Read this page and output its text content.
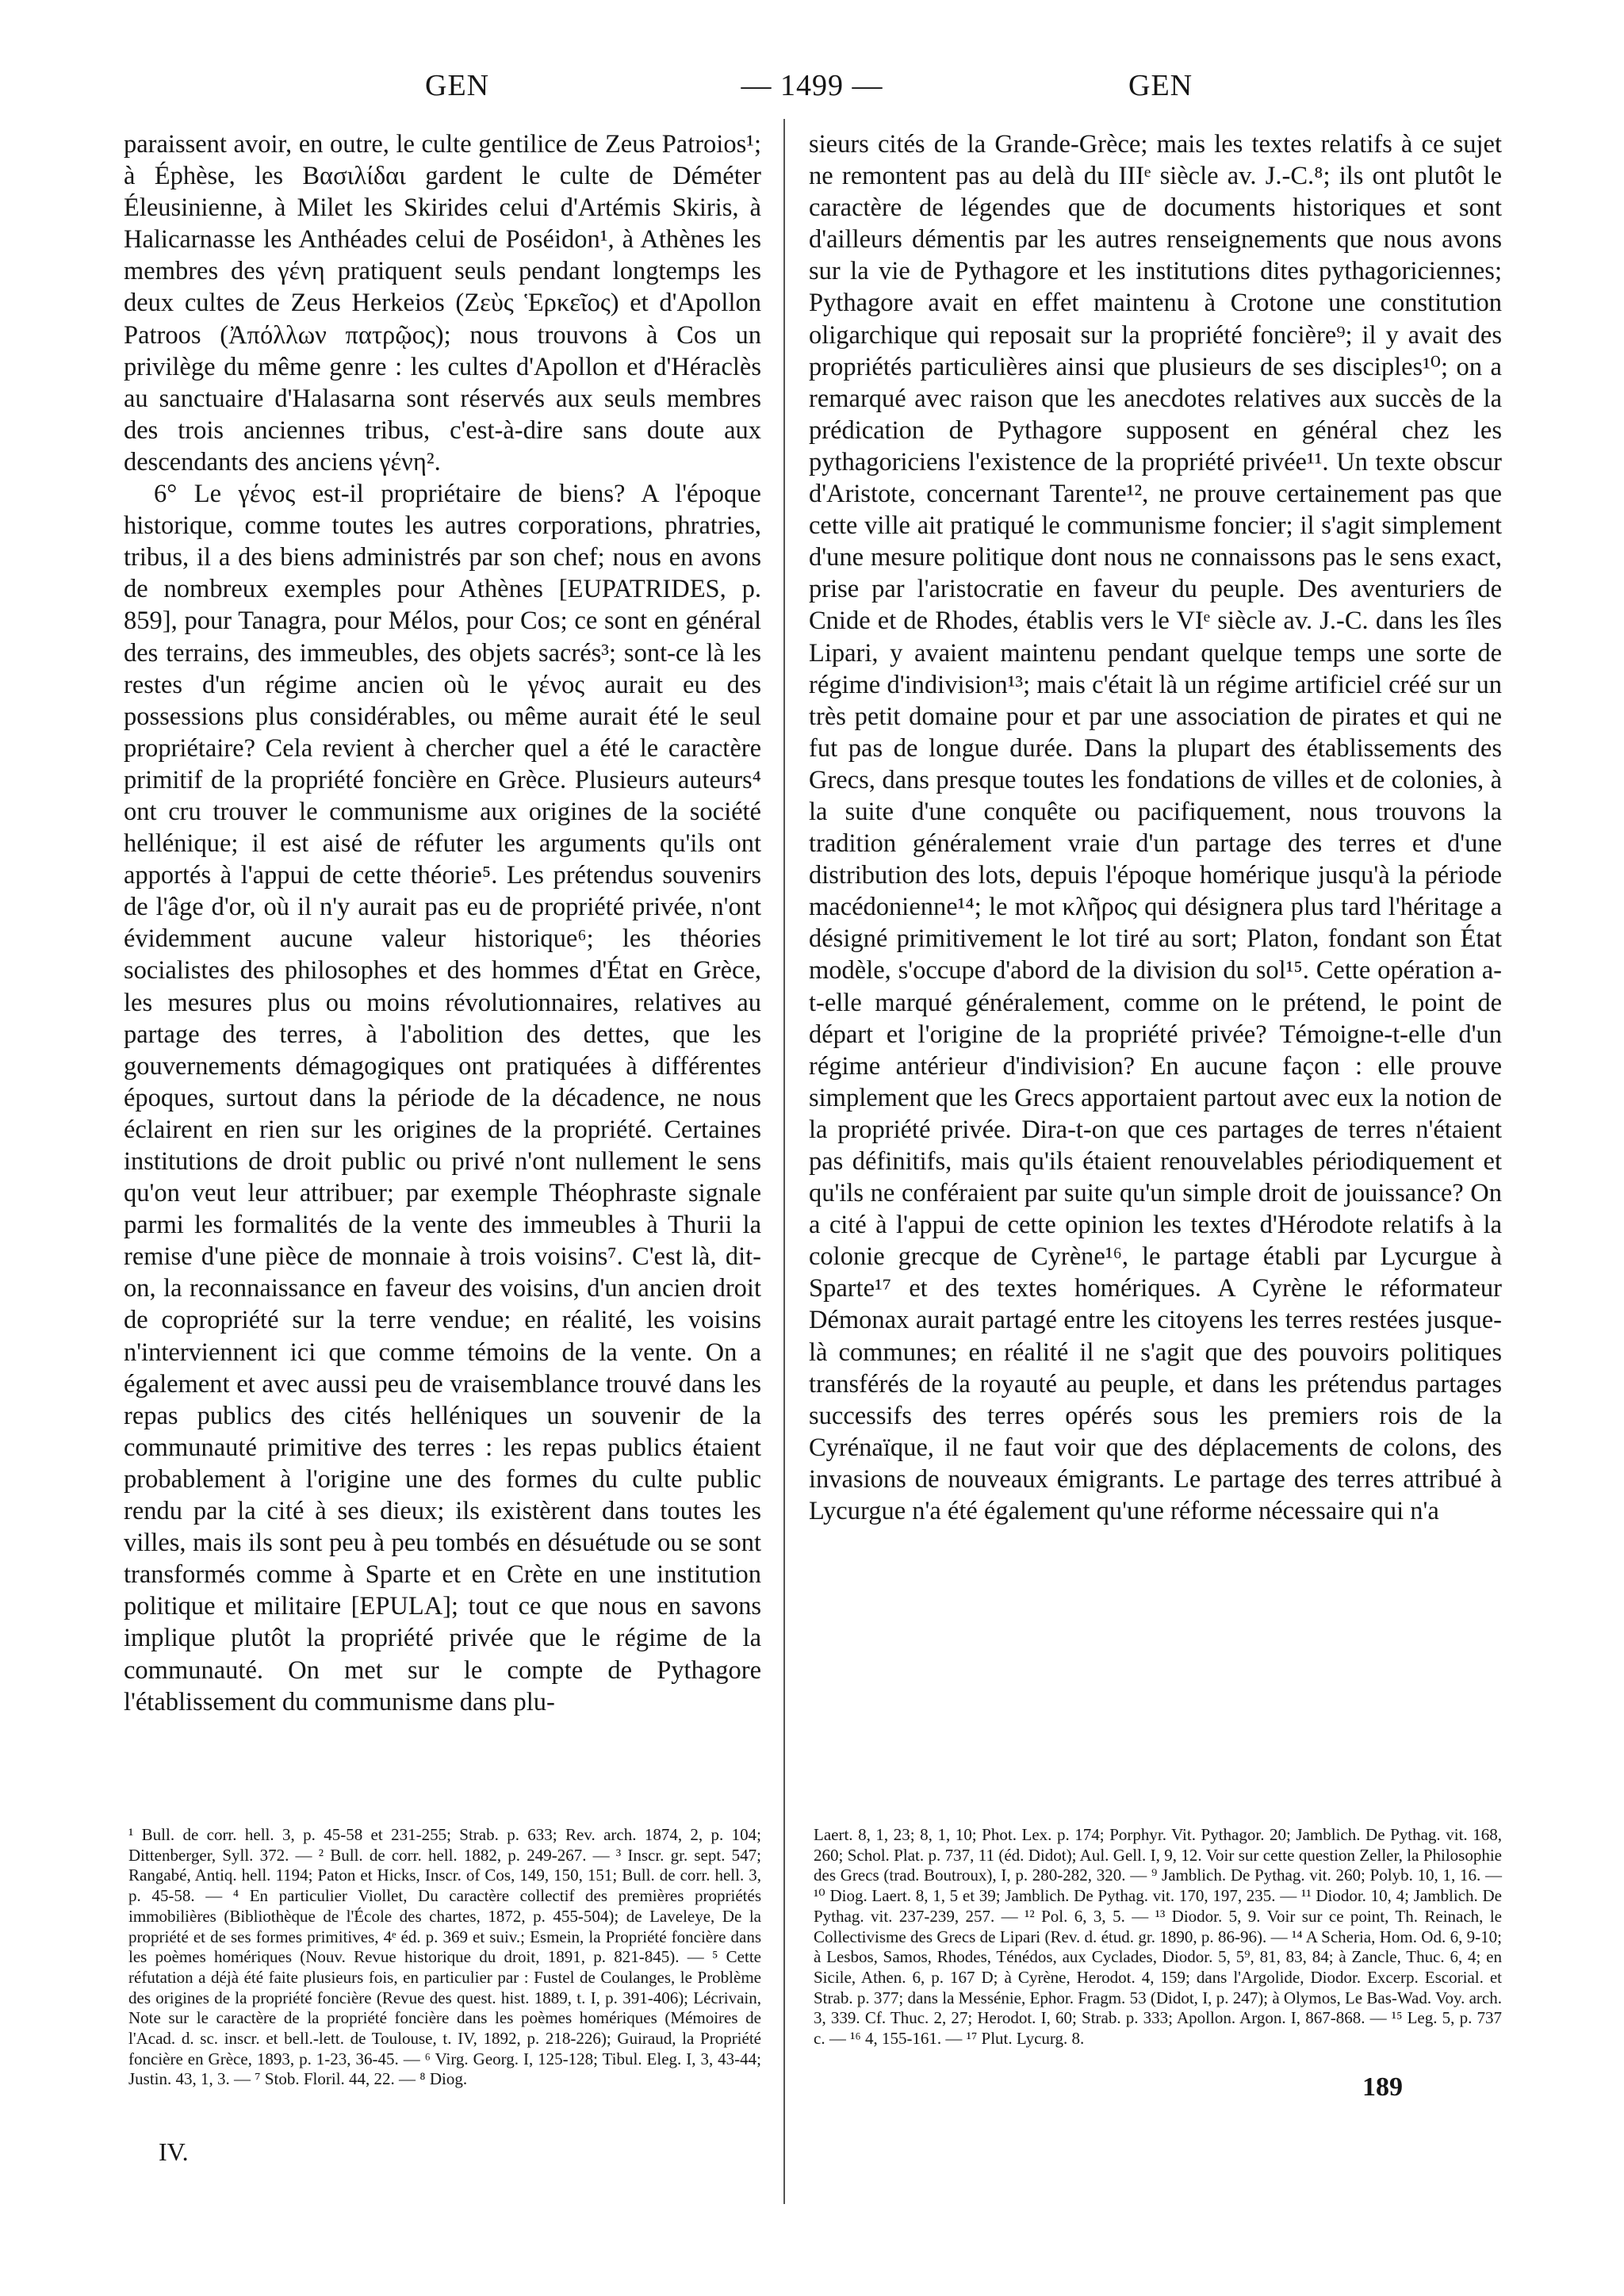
GEN	— 1499 —	GEN

paraissent avoir, en outre, le culte gentilice de Zeus Patroios¹; à Éphèse, les Βασιλίδαι gardent le culte de Déméter Éleusinienne, à Milet les Skirides celui d'Artémis Skiris, à Halicarnasse les Anthéades celui de Poséidon¹, à Athènes les membres des γένη pratiquent seuls pendant longtemps les deux cultes de Zeus Herkeios (Ζεὺς Ἑρκεῖος) et d'Apollon Patroos (Ἀπόλλων πατρῷος); nous trouvons à Cos un privilège du même genre : les cultes d'Apollon et d'Héraclès au sanctuaire d'Halasarna sont réservés aux seuls membres des trois anciennes tribus, c'est-à-dire sans doute aux descendants des anciens γένη².

6° Le γένος est-il propriétaire de biens? A l'époque historique, comme toutes les autres corporations, phratries, tribus, il a des biens administrés par son chef; nous en avons de nombreux exemples pour Athènes [EUPATRIDES, p. 859], pour Tanagra, pour Mélos, pour Cos; ce sont en général des terrains, des immeubles, des objets sacrés³; sont-ce là les restes d'un régime ancien où le γένος aurait eu des possessions plus considérables, ou même aurait été le seul propriétaire? Cela revient à chercher quel a été le caractère primitif de la propriété foncière en Grèce. Plusieurs auteurs⁴ ont cru trouver le communisme aux origines de la société hellénique; il est aisé de réfuter les arguments qu'ils ont apportés à l'appui de cette théorie⁵. Les prétendus souvenirs de l'âge d'or, où il n'y aurait pas eu de propriété privée, n'ont évidemment aucune valeur historique⁶; les théories socialistes des philosophes et des hommes d'État en Grèce, les mesures plus ou moins révolutionnaires, relatives au partage des terres, à l'abolition des dettes, que les gouvernements démagogiques ont pratiquées à différentes époques, surtout dans la période de la décadence, ne nous éclairent en rien sur les origines de la propriété. Certaines institutions de droit public ou privé n'ont nullement le sens qu'on veut leur attribuer; par exemple Théophraste signale parmi les formalités de la vente des immeubles à Thurii la remise d'une pièce de monnaie à trois voisins⁷. C'est là, dit-on, la reconnaissance en faveur des voisins, d'un ancien droit de copropriété sur la terre vendue; en réalité, les voisins n'interviennent ici que comme témoins de la vente. On a également et avec aussi peu de vraisemblance trouvé dans les repas publics des cités helléniques un souvenir de la communauté primitive des terres : les repas publics étaient probablement à l'origine une des formes du culte public rendu par la cité à ses dieux; ils existèrent dans toutes les villes, mais ils sont peu à peu tombés en désuétude ou se sont transformés comme à Sparte et en Crète en une institution politique et militaire [EPULA]; tout ce que nous en savons implique plutôt la propriété privée que le régime de la communauté. On met sur le compte de Pythagore l'établissement du communisme dans plu-

sieurs cités de la Grande-Grèce; mais les textes relatifs à ce sujet ne remontent pas au delà du IIIᵉ siècle av. J.-C.⁸; ils ont plutôt le caractère de légendes que de documents historiques et sont d'ailleurs démentis par les autres renseignements que nous avons sur la vie de Pythagore et les institutions dites pythagoriciennes; Pythagore avait en effet maintenu à Crotone une constitution oligarchique qui reposait sur la propriété foncière⁹; il y avait des propriétés particulières ainsi que plusieurs de ses disciples¹⁰; on a remarqué avec raison que les anecdotes relatives aux succès de la prédication de Pythagore supposent en général chez les pythagoriciens l'existence de la propriété privée¹¹. Un texte obscur d'Aristote, concernant Tarente¹², ne prouve certainement pas que cette ville ait pratiqué le communisme foncier; il s'agit simplement d'une mesure politique dont nous ne connaissons pas le sens exact, prise par l'aristocratie en faveur du peuple. Des aventuriers de Cnide et de Rhodes, établis vers le VIᵉ siècle av. J.-C. dans les îles Lipari, y avaient maintenu pendant quelque temps une sorte de régime d'indivision¹³; mais c'était là un régime artificiel créé sur un très petit domaine pour et par une association de pirates et qui ne fut pas de longue durée. Dans la plupart des établissements des Grecs, dans presque toutes les fondations de villes et de colonies, à la suite d'une conquête ou pacifiquement, nous trouvons la tradition généralement vraie d'un partage des terres et d'une distribution des lots, depuis l'époque homérique jusqu'à la période macédonienne¹⁴; le mot κλῆρος qui désignera plus tard l'héritage a désigné primitivement le lot tiré au sort; Platon, fondant son État modèle, s'occupe d'abord de la division du sol¹⁵. Cette opération a-t-elle marqué généralement, comme on le prétend, le point de départ et l'origine de la propriété privée? Témoigne-t-elle d'un régime antérieur d'indivision? En aucune façon : elle prouve simplement que les Grecs apportaient partout avec eux la notion de la propriété privée. Dira-t-on que ces partages de terres n'étaient pas définitifs, mais qu'ils étaient renouvelables périodiquement et qu'ils ne conféraient par suite qu'un simple droit de jouissance? On a cité à l'appui de cette opinion les textes d'Hérodote relatifs à la colonie grecque de Cyrène¹⁶, le partage établi par Lycurgue à Sparte¹⁷ et des textes homériques. A Cyrène le réformateur Démonax aurait partagé entre les citoyens les terres restées jusque-là communes; en réalité il ne s'agit que des pouvoirs politiques transférés de la royauté au peuple, et dans les prétendus partages successifs des terres opérés sous les premiers rois de la Cyrénaïque, il ne faut voir que des déplacements de colons, des invasions de nouveaux émigrants. Le partage des terres attribué à Lycurgue n'a été également qu'une réforme nécessaire qui n'a

¹ Bull. de corr. hell. 3, p. 45-58 et 231-255; Strab. p. 633; Rev. arch. 1874, 2, p. 104; Dittenberger, Syll. 372. — ² Bull. de corr. hell. 1882, p. 249-267. — ³ Inscr. gr. sept. 547; Rangabé, Antiq. hell. 1194; Paton et Hicks, Inscr. of Cos, 149, 150, 151; Bull. de corr. hell. 3, p. 45-58. — ⁴ En particulier Viollet, Du caractère collectif des premières propriétés immobilières (Bibliothèque de l'École des chartes, 1872, p. 455-504); de Laveleye, De la propriété et de ses formes primitives, 4ᵉ éd. p. 369 et suiv.; Esmein, la Propriété foncière dans les poèmes homériques (Nouv. Revue historique du droit, 1891, p. 821-845). — ⁵ Cette réfutation a déjà été faite plusieurs fois, en particulier par : Fustel de Coulanges, le Problème des origines de la propriété foncière (Revue des quest. hist. 1889, t. I, p. 391-406); Lécrivain, Note sur le caractère de la propriété foncière dans les poèmes homériques (Mémoires de l'Acad. d. sc. inscr. et bell.-lett. de Toulouse, t. IV, 1892, p. 218-226); Guiraud, la Propriété foncière en Grèce, 1893, p. 1-23, 36-45. — ⁶ Virg. Georg. I, 125-128; Tibul. Eleg. I, 3, 43-44; Justin. 43, 1, 3. — ⁷ Stob. Floril. 44, 22. — ⁸ Diog.

Laert. 8, 1, 23; 8, 1, 10; Phot. Lex. p. 174; Porphyr. Vit. Pythagor. 20; Jamblich. De Pythag. vit. 168, 260; Schol. Plat. p. 737, 11 (éd. Didot); Aul. Gell. I, 9, 12. Voir sur cette question Zeller, la Philosophie des Grecs (trad. Boutroux), I, p. 280-282, 320. — ⁹ Jamblich. De Pythag. vit. 260; Polyb. 10, 1, 16. — ¹⁰ Diog. Laert. 8, 1, 5 et 39; Jamblich. De Pythag. vit. 170, 197, 235. — ¹¹ Diodor. 10, 4; Jamblich. De Pythag. vit. 237-239, 257. — ¹² Pol. 6, 3, 5. — ¹³ Diodor. 5, 9. Voir sur ce point, Th. Reinach, le Collectivisme des Grecs de Lipari (Rev. d. étud. gr. 1890, p. 86-96). — ¹⁴ A Scheria, Hom. Od. 6, 9-10; à Lesbos, Samos, Rhodes, Ténédos, aux Cyclades, Diodor. 5, 5⁹, 81, 83, 84; à Zancle, Thuc. 6, 4; en Sicile, Athen. 6, p. 167 D; à Cyrène, Herodot. 4, 159; dans l'Argolide, Diodor. Excerp. Escorial. et Strab. p. 377; dans la Messénie, Ephor. Fragm. 53 (Didot, I, p. 247); à Olymos, Le Bas-Wad. Voy. arch. 3, 339. Cf. Thuc. 2, 27; Herodot. I, 60; Strab. p. 333; Apollon. Argon. I, 867-868. — ¹⁵ Leg. 5, p. 737 c. — ¹⁶ 4, 155-161. — ¹⁷ Plut. Lycurg. 8.

IV.
189
